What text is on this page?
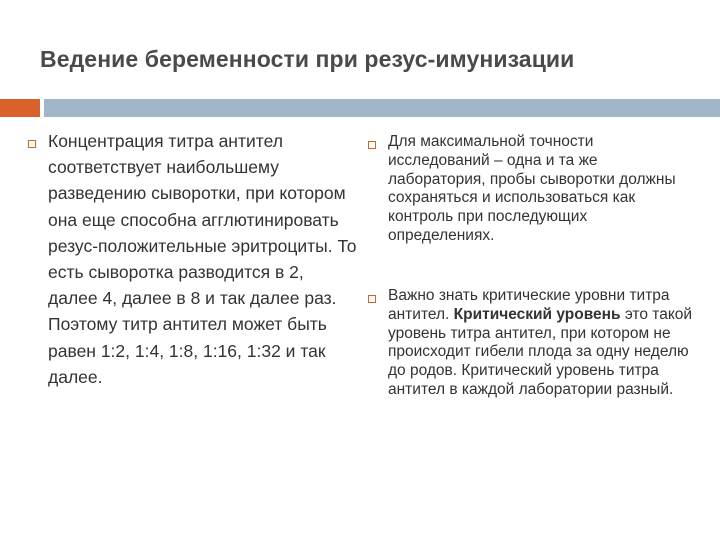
Ведение беременности при резус-имунизации
Концентрация титра антител соответствует наибольшему разведению сыворотки, при котором она еще способна агглютинировать резус-положительные эритроциты. То есть сыворотка разводится в 2, далее 4, далее в 8 и так далее раз. Поэтому титр антител может быть равен 1:2, 1:4, 1:8, 1:16, 1:32 и так далее.
Для максимальной точности исследований – одна и та же лаборатория, пробы сыворотки должны сохраняться и использоваться как контроль при последующих определениях.
Важно знать критические уровни титра антител. Критический уровень это такой уровень титра антител, при котором не происходит гибели плода за одну неделю до родов. Критический уровень титра антител в каждой лаборатории разный.
